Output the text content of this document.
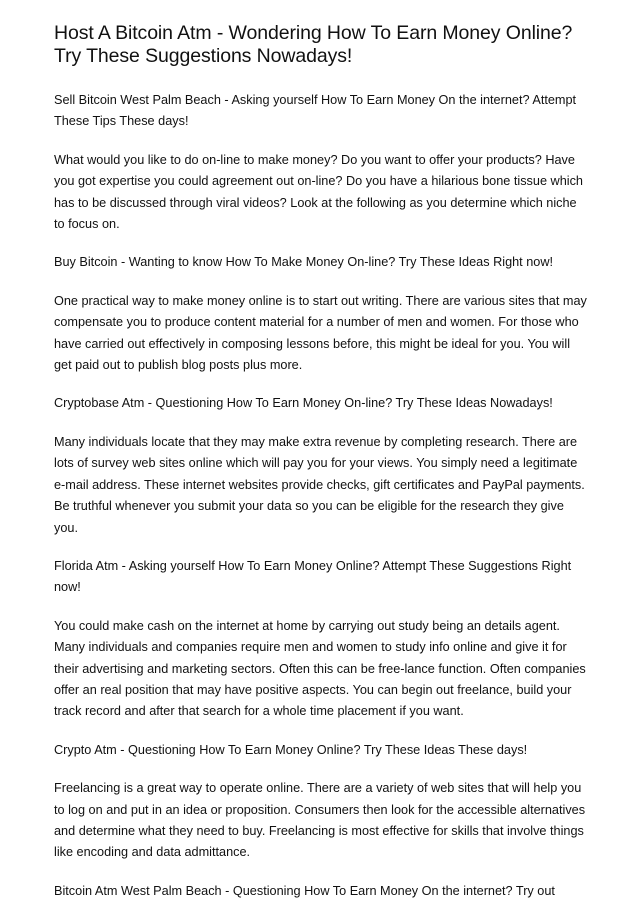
Host A Bitcoin Atm - Wondering How To Earn Money Online? Try These Suggestions Nowadays!

Sell Bitcoin West Palm Beach - Asking yourself How To Earn Money On the internet? Attempt These Tips These days!

What would you like to do on-line to make money? Do you want to offer your products? Have you got expertise you could agreement out on-line? Do you have a hilarious bone tissue which has to be discussed through viral videos? Look at the following as you determine which niche to focus on.

Buy Bitcoin - Wanting to know How To Make Money On-line? Try These Ideas Right now!

One practical way to make money online is to start out writing. There are various sites that may compensate you to produce content material for a number of men and women. For those who have carried out effectively in composing lessons before, this might be ideal for you. You will get paid out to publish blog posts plus more.

Cryptobase Atm - Questioning How To Earn Money On-line? Try These Ideas Nowadays!

Many individuals locate that they may make extra revenue by completing research. There are lots of survey web sites online which will pay you for your views. You simply need a legitimate e-mail address. These internet websites provide checks, gift certificates and PayPal payments. Be truthful whenever you submit your data so you can be eligible for the research they give you.

Florida Atm - Asking yourself How To Earn Money Online? Attempt These Suggestions Right now!

You could make cash on the internet at home by carrying out study being an details agent. Many individuals and companies require men and women to study info online and give it for their advertising and marketing sectors. Often this can be free-lance function. Often companies offer an real position that may have positive aspects. You can begin out freelance, build your track record and after that search for a whole time placement if you want.

Crypto Atm - Questioning How To Earn Money Online? Try These Ideas These days!

Freelancing is a great way to operate online. There are a variety of web sites that will help you to log on and put in an idea or proposition. Consumers then look for the accessible alternatives and determine what they need to buy. Freelancing is most effective for skills that involve things like encoding and data admittance.

Bitcoin Atm West Palm Beach - Questioning How To Earn Money On the internet? Try out
